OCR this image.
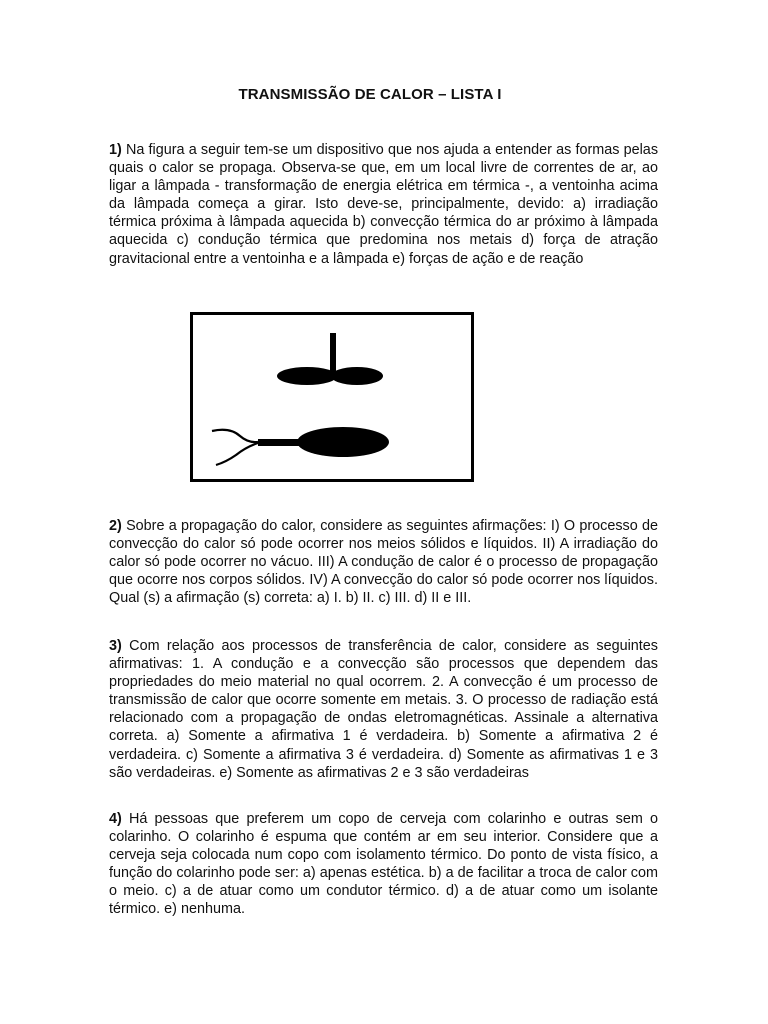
TRANSMISSÃO DE CALOR – LISTA I
1) Na figura a seguir tem-se um dispositivo que nos ajuda a entender as formas pelas quais o calor se propaga. Observa-se que, em um local livre de correntes de ar, ao ligar a lâmpada - transformação de energia elétrica em térmica -, a ventoinha acima da lâmpada começa a girar. Isto deve-se, principalmente, devido: a) irradiação térmica próxima à lâmpada aquecida b) convecção térmica do ar próximo à lâmpada aquecida c) condução térmica que predomina nos metais d) força de atração gravitacional entre a ventoinha e a lâmpada e) forças de ação e de reação
2) Sobre a propagação do calor, considere as seguintes afirmações: I) O processo de convecção do calor só pode ocorrer nos meios sólidos e líquidos. II) A irradiação do calor só pode ocorrer no vácuo. III) A condução de calor é o processo de propagação que ocorre nos corpos sólidos. IV) A convecção do calor só pode ocorrer nos líquidos. Qual (s) a afirmação (s) correta: a) I. b) II. c) III. d) II e III.
3) Com relação aos processos de transferência de calor, considere as seguintes afirmativas: 1. A condução e a convecção são processos que dependem das propriedades do meio material no qual ocorrem. 2. A convecção é um processo de transmissão de calor que ocorre somente em metais. 3. O processo de radiação está relacionado com a propagação de ondas eletromagnéticas. Assinale a alternativa correta. a) Somente a afirmativa 1 é verdadeira. b) Somente a afirmativa 2 é verdadeira. c) Somente a afirmativa 3 é verdadeira. d) Somente as afirmativas 1 e 3 são verdadeiras. e) Somente as afirmativas 2 e 3 são verdadeiras
4) Há pessoas que preferem um copo de cerveja com colarinho e outras sem o colarinho. O colarinho é espuma que contém ar em seu interior. Considere que a cerveja seja colocada num copo com isolamento térmico. Do ponto de vista físico, a função do colarinho pode ser: a) apenas estética. b) a de facilitar a troca de calor com o meio. c) a de atuar como um condutor térmico. d) a de atuar como um isolante térmico. e) nenhuma.
